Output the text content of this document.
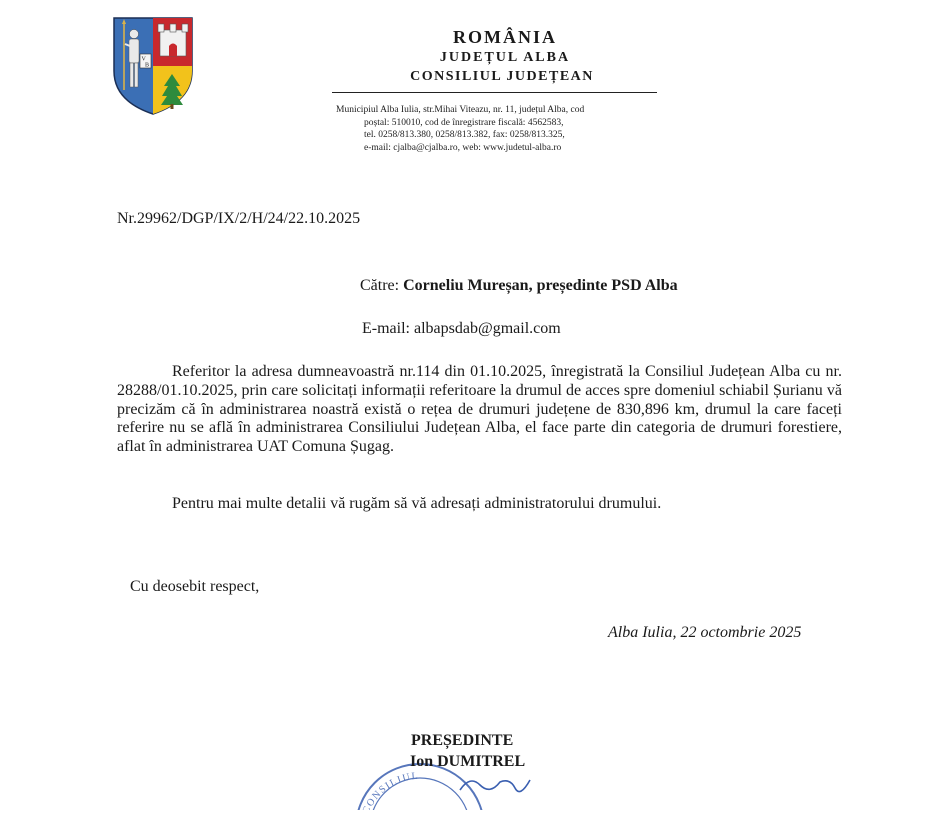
V
B
ROMÂNIA
JUDEȚUL ALBA
CONSILIUL JUDEȚEAN
Municipiul Alba Iulia, str.Mihai Viteazu, nr. 11, județul Alba, cod
poștal: 510010, cod de înregistrare fiscală: 4562583,
tel. 0258/813.380, 0258/813.382, fax: 0258/813.325,
e-mail: cjalba@cjalba.ro, web: www.judetul-alba.ro
Nr.29962/DGP/IX/2/H/24/22.10.2025
Către: Corneliu Mureșan, președinte PSD Alba
E-mail: albapsdab@gmail.com
Referitor la adresa dumneavoastră nr.114 din 01.10.2025, înregistrată la Consiliul Județean Alba cu nr. 28288/01.10.2025, prin care solicitați informații referitoare la drumul de acces spre domeniul schiabil Șurianu vă precizăm că în administrarea noastră există o rețea de drumuri județene de 830,896 km, drumul la care faceți referire nu se află în administrarea Consiliului Județean Alba, el face parte din categoria de drumuri forestiere, aflat în administrarea UAT Comuna Șugag.
Pentru mai multe detalii vă rugăm să vă adresați administratorului drumului.
Cu deosebit respect,
Alba Iulia, 22 octombrie 2025
CONSILIUL
PREȘEDINTE
Ion DUMITREL
